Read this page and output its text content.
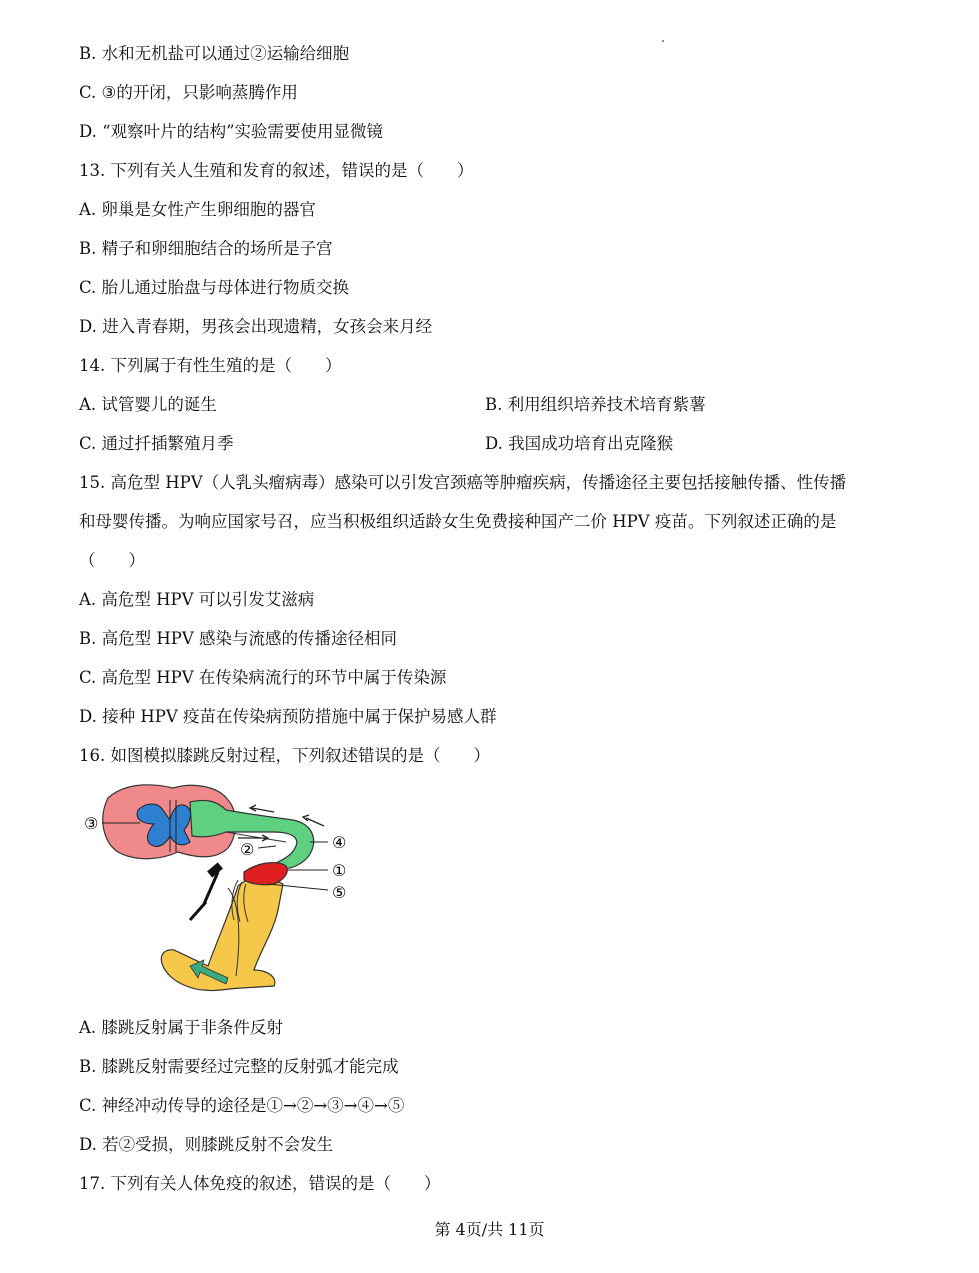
B. 水和无机盐可以通过②运输给细胞
C. ③的开闭，只影响蒸腾作用
D. “观察叶片的结构”实验需要使用显微镜
13. 下列有关人生殖和发育的叙述，错误的是（　　）
A. 卵巢是女性产生卵细胞的器官
B. 精子和卵细胞结合的场所是子宫
C. 胎儿通过胎盘与母体进行物质交换
D. 进入青春期，男孩会出现遗精，女孩会来月经
14. 下列属于有性生殖的是（　　）
A. 试管婴儿的诞生	B. 利用组织培养技术培育紫薯
C. 通过扦插繁殖月季	D. 我国成功培育出克隆猴
15. 高危型 HPV（人乳头瘤病毒）感染可以引发宫颈癌等肿瘤疾病，传播途径主要包括接触传播、性传播
和母婴传播。为响应国家号召，应当积极组织适龄女生免费接种国产二价 HPV 疫苗。下列叙述正确的是
（　　）
A. 高危型 HPV 可以引发艾滋病
B. 高危型 HPV 感染与流感的传播途径相同
C. 高危型 HPV 在传染病流行的环节中属于传染源
D. 接种 HPV 疫苗在传染病预防措施中属于保护易感人群
16. 如图模拟膝跳反射过程，下列叙述错误的是（　　）
③
②	④
①
⑤
A. 膝跳反射属于非条件反射
B. 膝跳反射需要经过完整的反射弧才能完成
C. 神经冲动传导的途径是①→②→③→④→⑤
D. 若②受损，则膝跳反射不会发生
17. 下列有关人体免疫的叙述，错误的是（　　）
第 4页/共 11页
